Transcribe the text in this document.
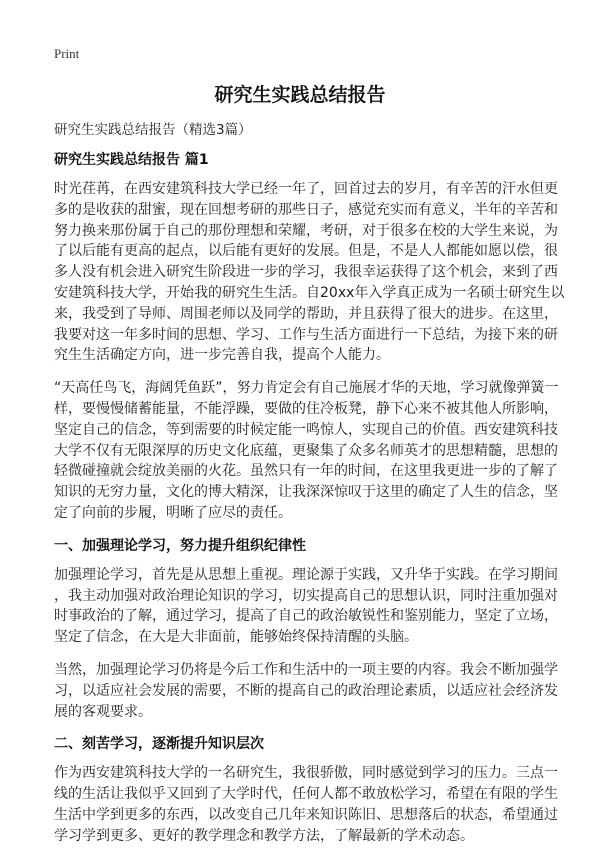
Print
研究生实践总结报告
研究生实践总结报告（精选3篇）
研究生实践总结报告 篇1
时光荏苒，在西安建筑科技大学已经一年了，回首过去的岁月，有辛苦的汗水但更
多的是收获的甜蜜，现在回想考研的那些日子，感觉充实而有意义，半年的辛苦和
努力换来那份属于自己的那份理想和荣耀，考研，对于很多在校的大学生来说，为
了以后能有更高的起点，以后能有更好的发展。但是，不是人人都能如愿以偿，很
多人没有机会进入研究生阶段进一步的学习，我很幸运获得了这个机会，来到了西
安建筑科技大学，开始我的研究生生活。自20xx年入学真正成为一名硕士研究生以
来，我受到了导师、周围老师以及同学的帮助，并且获得了很大的进步。在这里，
我要对这一年多时间的思想、学习、工作与生活方面进行一下总结，为接下来的研
究生生活确定方向，进一步完善自我，提高个人能力。
“天高任鸟飞，海阔凭鱼跃”，努力肯定会有自己施展才华的天地，学习就像弹簧一
样，要慢慢储蓄能量，不能浮躁，要做的住冷板凳，静下心来不被其他人所影响，
坚定自己的信念，等到需要的时候定能一鸣惊人，实现自己的价值。西安建筑科技
大学不仅有无限深厚的历史文化底蕴，更聚集了众多名师英才的思想精髓，思想的
轻微碰撞就会绽放美丽的火花。虽然只有一年的时间，在这里我更进一步的了解了
知识的无穷力量，文化的博大精深，让我深深惊叹于这里的确定了人生的信念，坚
定了向前的步履，明晰了应尽的责任。
一、加强理论学习，努力提升组织纪律性
加强理论学习，首先是从思想上重视。理论源于实践，又升华于实践。在学习期间
，我主动加强对政治理论知识的学习，切实提高自己的思想认识，同时注重加强对
时事政治的了解，通过学习，提高了自己的政治敏锐性和鉴别能力，坚定了立场，
坚定了信念，在大是大非面前，能够始终保持清醒的头脑。
当然，加强理论学习仍将是今后工作和生活中的一项主要的内容。我会不断加强学
习，以适应社会发展的需要，不断的提高自己的政治理论素质，以适应社会经济发
展的客观要求。
二、刻苦学习，逐渐提升知识层次
作为西安建筑科技大学的一名研究生，我很骄傲，同时感觉到学习的压力。三点一
线的生活让我似乎又回到了大学时代，任何人都不敢放松学习，希望在有限的学生
生活中学到更多的东西，以改变自己几年来知识陈旧、思想落后的状态，希望通过
学习学到更多、更好的教学理念和教学方法，了解最新的学术动态。
